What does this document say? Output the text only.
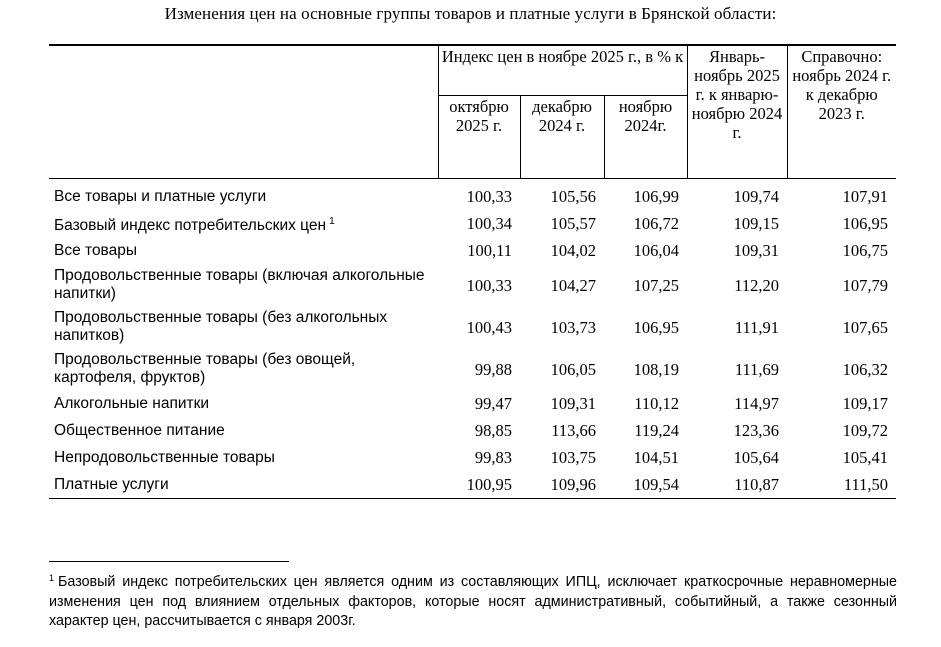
Изменения цен на основные группы товаров и платные услуги в Брянской области:
	Индекс цен в ноябре 2025 г., в % к			Январь-ноябрь 2025 г. к январю-ноябрю 2024 г.	Справочно: ноябрь 2024 г. к декабрю 2023 г.
	октябрю 2025 г.	декабрю 2024 г.	ноябрю 2024г.		
Все товары и платные услуги	100,33	105,56	106,99	109,74	107,91
Базовый индекс потребительских цен $^1$	100,34	105,57	106,72	109,15	106,95
Все товары	100,11	104,02	106,04	109,31	106,75
Продовольственные товары (включая алкогольные напитки)	100,33	104,27	107,25	112,20	107,79
Продовольственные товары (без алкогольных напитков)	100,43	103,73	106,95	111,91	107,65
Продовольственные товары (без овощей, картофеля, фруктов)	99,88	106,05	108,19	111,69	106,32
Алкогольные напитки	99,47	109,31	110,12	114,97	109,17
Общественное питание	98,85	113,66	119,24	123,36	109,72
Непродовольственные товары	99,83	103,75	104,51	105,64	105,41
Платные услуги	100,95	109,96	109,54	110,87	111,50
$^1$ Базовый индекс потребительских цен является одним из составляющих ИПЦ, исключает краткосрочные неравномерные изменения цен под влиянием отдельных факторов, которые носят административный, событийный, а также сезонный характер цен, рассчитывается с января 2003г.
